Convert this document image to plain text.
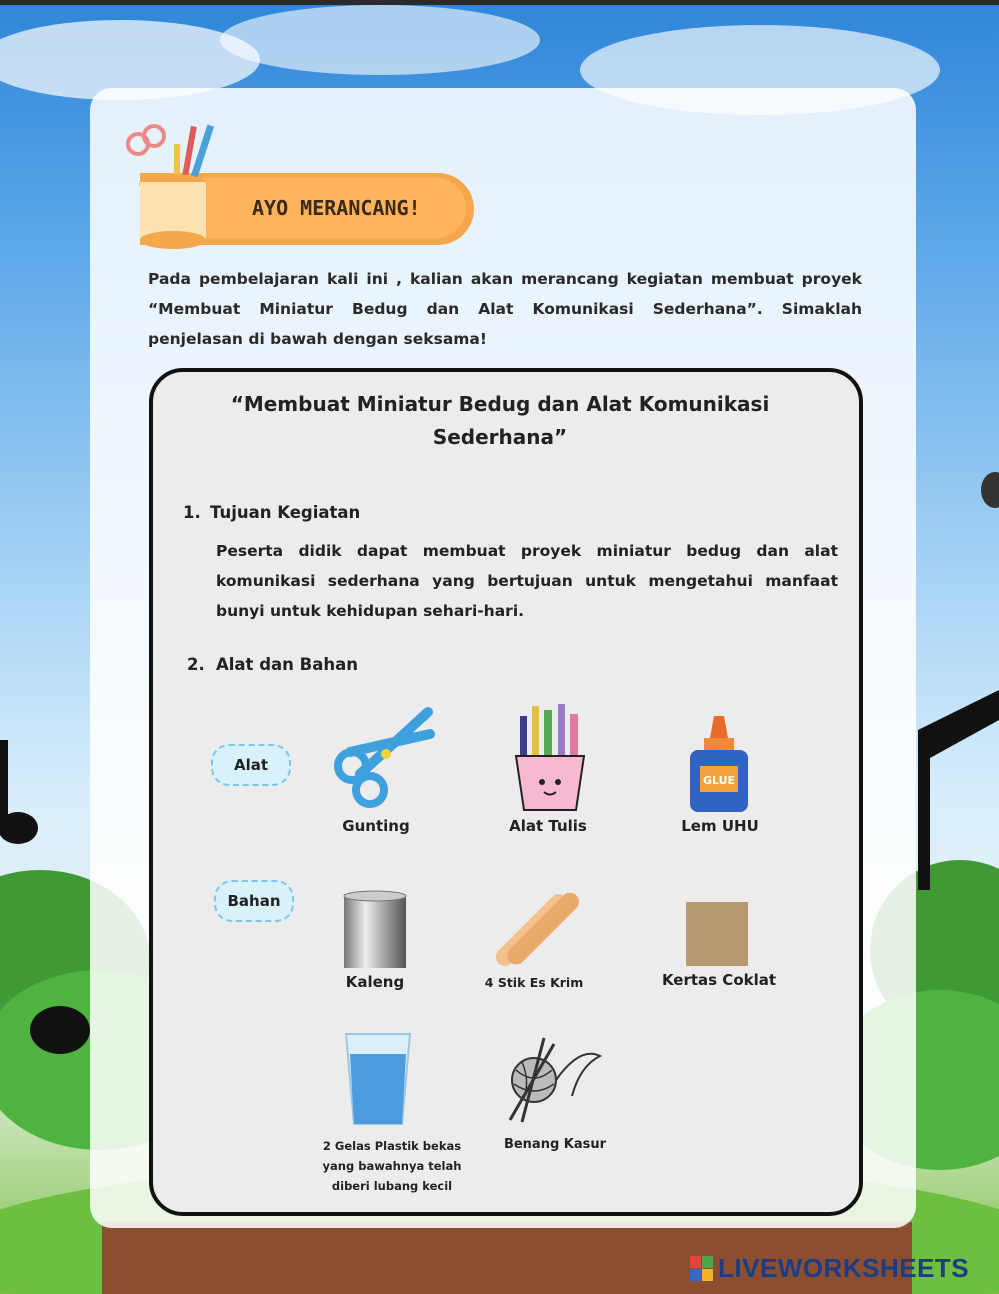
AYO MERANCANG!
Pada pembelajaran kali ini , kalian akan merancang kegiatan membuat proyek “Membuat Miniatur Bedug dan Alat Komunikasi Sederhana”. Simaklah penjelasan di bawah dengan seksama!
“Membuat Miniatur Bedug dan Alat Komunikasi
Sederhana”
1. Tujuan Kegiatan
Peserta didik dapat membuat proyek miniatur bedug dan alat komunikasi sederhana yang bertujuan untuk mengetahui manfaat bunyi untuk kehidupan sehari-hari.
2. Alat dan Bahan
Alat
Bahan
Gunting	Alat Tulis
GLUE
Lem UHU
Kaleng	4 Stik Es Krim	Kertas Coklat
2 Gelas Plastik bekas yang bawahnya telah diberi lubang kecil
Benang Kasur
LIVEWORKSHEETS
